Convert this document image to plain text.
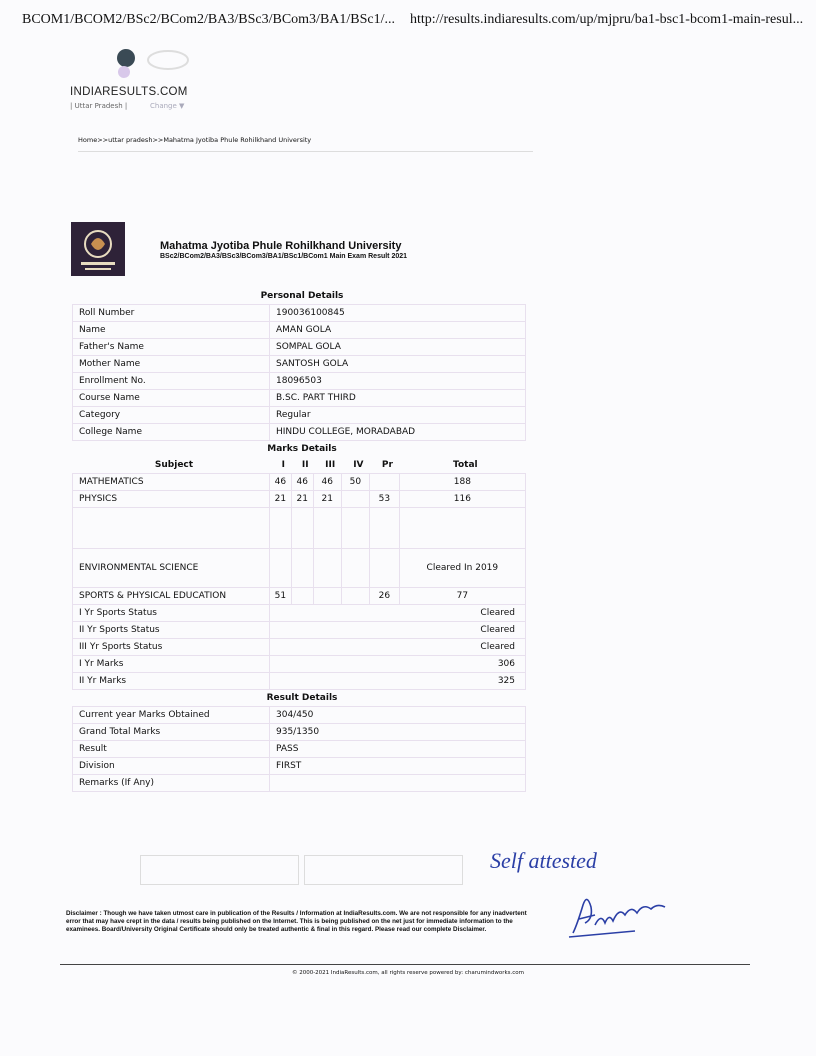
BCOM1/BCOM2/BSc2/BCom2/BA3/BSc3/BCom3/BA1/BSc1/... http://results.indiaresults.com/up/mjpru/ba1-bsc1-bcom1-main-resul...
INDIARESULTS.COM
| Uttar Pradesh |	Change ▼
Home>>uttar pradesh>>Mahatma Jyotiba Phule Rohilkhand University
Mahatma Jyotiba Phule Rohilkhand University
BSc2/BCom2/BA3/BSc3/BCom3/BA1/BSc1/BCom1 Main Exam Result 2021
Personal Details						
Roll Number	190036100845					
Name	AMAN GOLA					
Father's Name	SOMPAL GOLA					
Mother Name	SANTOSH GOLA					
Enrollment No.	18096503					
Course Name	B.SC. PART THIRD					
Category	Regular					
College Name	HINDU COLLEGE, MORADABAD					
Marks Details						
Subject	I	II	III	IV	Pr	Total
MATHEMATICS	46	46	46	50		188
PHYSICS	21	21	21		53	116

ENVIRONMENTAL SCIENCE						Cleared In 2019
SPORTS & PHYSICAL EDUCATION	51				26	77
I Yr Sports Status	Cleared					
II Yr Sports Status	Cleared					
III Yr Sports Status	Cleared					
I Yr Marks	306					
II Yr Marks	325					
Result Details						
Current year Marks Obtained	304/450					
Grand Total Marks	935/1350					
Result	PASS					
Division	FIRST					
Remarks (If Any)						
Disclaimer : Though we have taken utmost care in publication of the Results / Information at IndiaResults.com. We are not responsible for any inadvertent error that may have crept in the data / results being published on the Internet. This is being published on the net just for immediate information to the examinees. Board/University Original Certificate should only be treated authentic & final in this regard. Please read our complete Disclaimer.
© 2000-2021 IndiaResults.com, all rights reserve powered by: charumindworks.com
Self attested
AmanGola
